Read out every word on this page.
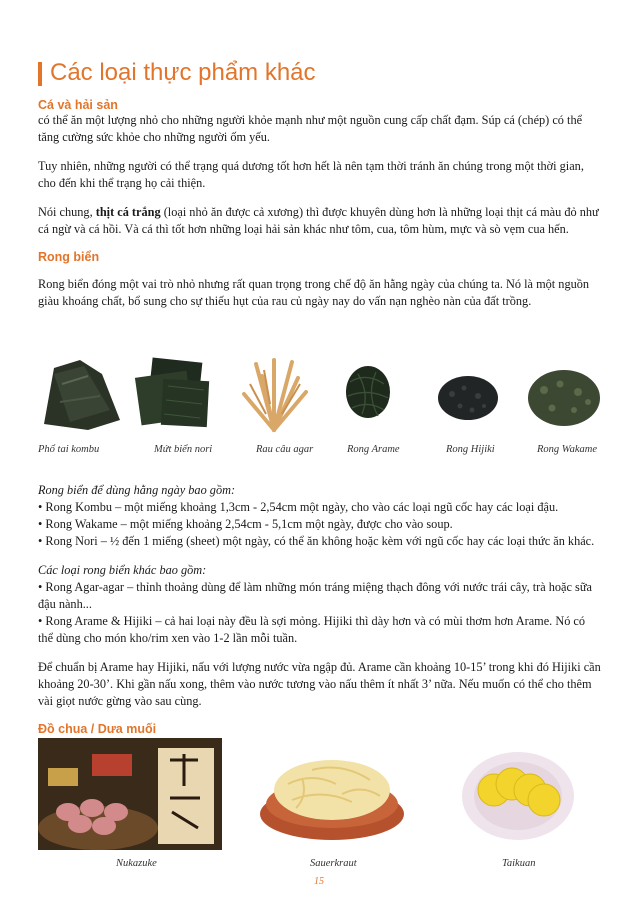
Các loại thực phẩm khác
Cá và hải sản

có thể ăn một lượng nhỏ cho những người khỏe mạnh như một nguồn cung cấp chất đạm. Súp cá (chép) có thể tăng cường sức khỏe cho những người ốm yếu.

Tuy nhiên, những người có thể trạng quá dương tốt hơn hết là nên tạm thời tránh ăn chúng trong một thời gian, cho đến khi thể trạng họ cải thiện.

Nói chung, thịt cá trắng (loại nhỏ ăn được cả xương) thì được khuyên dùng hơn là những loại thịt cá màu đỏ như cá ngừ và cá hồi. Và cá thì tốt hơn những loại hải sản khác như tôm, cua, tôm hùm, mực và sò vẹm cua hến.

Rong biển

Rong biển đóng một vai trò nhỏ nhưng rất quan trọng trong chế độ ăn hằng ngày của chúng ta. Nó là một nguồn giàu khoáng chất, bổ sung cho sự thiếu hụt của rau củ ngày nay do vấn nạn nghèo nàn của đất trồng.

Phổ tai kombu	Mứt biển nori	Rau câu agar	Rong Arame	Rong Hijiki	Rong Wakame

Rong biển để dùng hằng ngày bao gồm:

• Rong Kombu – một miếng khoảng 1,3cm - 2,54cm một ngày, cho vào các loại ngũ cốc hay các loại đậu.

• Rong Wakame – một miếng khoảng 2,54cm - 5,1cm một ngày, được cho vào soup.

• Rong Nori – ½ đến 1 miếng (sheet) một ngày, có thể ăn không hoặc kèm với ngũ cốc hay các loại thức ăn khác.

Các loại rong biển khác bao gồm:

• Rong Agar-agar – thỉnh thoảng dùng để làm những món tráng miệng thạch đông với nước trái cây, trà hoặc sữa đậu nành...

• Rong Arame & Hijiki – cả hai loại này đều là sợi mỏng. Hijiki thì dày hơn và có mùi thơm hơn Arame. Nó có thể dùng cho món kho/rim xen vào 1-2 lần mỗi tuần.

Để chuẩn bị Arame hay Hijiki, nấu với lượng nước vừa ngập đủ. Arame cần khoảng 10-15’ trong khi đó Hijiki cần khoảng 20-30’. Khi gần nấu xong, thêm vào nước tương vào nấu thêm ít nhất 3’ nữa. Nếu muốn có thể cho thêm vài giọt nước gừng vào sau cùng.

Đồ chua / Dưa muối
Nukazuke	Sauerkraut	Taikuan
15
